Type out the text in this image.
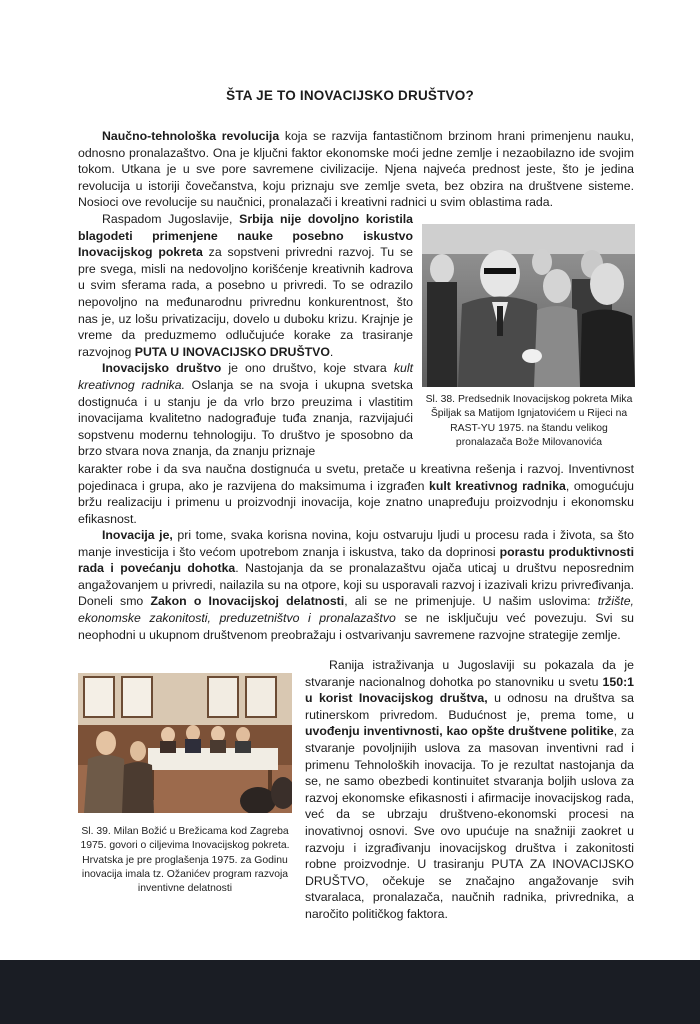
ŠTA JE TO INOVACIJSKO DRUŠTVO?

Naučno-tehnološka revolucija koja se razvija fantastičnom brzinom hrani primenjenu nauku, odnosno pronalazaštvo. Ona je ključni faktor ekonomske moći jedne zemlje i nezaobilazno ide svojim tokom. Utkana je u sve pore savremene civilizacije. Njena najveća prednost jeste, što je jedina revolucija u istoriji čovečanstva, koju priznaju sve zemlje sveta, bez obzira na društvene sisteme. Nosioci ove revolucije su naučnici, pronalazači i kreativni radnici u svim oblastima rada.

Raspadom Jugoslavije, Srbija nije dovoljno koristila blagodeti primenjene nauke posebno iskustvo Inovacijskog pokreta za sopstveni privredni razvoj. Tu se pre svega, misli na nedovoljno korišćenje kreativnih kadrova u svim sferama rada, a posebno u privredi. To se odrazilo nepovoljno na međunarodnu privrednu konkurentnost, što nas je, uz lošu privatizaciju, dovelo u duboku krizu. Krajnje je vreme da preduzmemo odlučujuće korake za trasiranje razvojnog PUTA U INOVACIJSKO DRUŠTVO.

Inovacijsko društvo je ono društvo, koje stvara kult kreativnog radnika. Oslanja se na svoja i ukupna svetska dostignuća i u stanju je da vrlo brzo preuzima i vlastitim inovacijama kvalitetno nadograđuje tuđa znanja, razvijajući sopstvenu modernu tehnologiju. To društvo je sposobno da brzo stvara nova znanja, da znanju priznaje

Sl. 38. Predsednik Inovacijskog pokreta Mika Špiljak sa Matijom Ignjatovićem u Rijeci na RAST-YU 1975. na štandu velikog pronalazača Bože Milovanovića

karakter robe i da sva naučna dostignuća u svetu, pretače u kreativna rešenja i razvoj. Inventivnost pojedinaca i grupa, ako je razvijena do maksimuma i izgrađen kult kreativnog radnika, omogućuju bržu realizaciju i primenu u proizvodnji inovacija, koje znatno unapređuju proizvodnju i ekonomsku efikasnost.

Inovacija je, pri tome, svaka korisna novina, koju ostvaruju ljudi u procesu rada i života, sa što manje investicija i što većom upotrebom znanja i iskustva, tako da doprinosi porastu produktivnosti rada i povećanju dohotka. Nastojanja da se pronalazaštvu ojača uticaj u društvu neposrednim angažovanjem u privredi, nailazila su na otpore, koji su usporavali razvoj i izazivali krizu privređivanja. Doneli smo Zakon o Inovacijskoj delatnosti, ali se ne primenjuje. U našim uslovima: tržište, ekonomske zakonitosti, preduzetništvo i pronalazaštvo se ne isključuju već povezuju. Svi su neophodni u ukupnom društvenom preobražaju i ostvarivanju savremene razvojne strategije zemlje.

Sl. 39. Milan Božić u Brežicama kod Zagreba 1975. govori o ciljevima Inovacijskog pokreta. Hrvatska je pre proglašenja 1975. za Godinu inovacija imala tz. Ožanićev program razvoja inventivne delatnosti

Ranija istraživanja u Jugoslaviji su pokazala da je stvaranje nacionalnog dohotka po stanovniku u svetu 150:1 u korist Inovacijskog društva, u odnosu na društva sa rutinerskom privredom. Budućnost je, prema tome, u uvođenju inventivnosti, kao opšte društvene politike, za stvaranje povoljnijih uslova za masovan inventivni rad i primenu Tehnoloških inovacija. To je rezultat nastojanja da se, ne samo obezbedi kontinuitet stvaranja boljih uslova za razvoj ekonomske efikasnosti i afirmacije inovacijskog rada, već da se ubrzaju društveno-ekonomski procesi na inovativnoj osnovi. Sve ovo upućuje na snažniji zaokret u razvoju i izgrađivanju inovacijskog društva i zakonitosti robne proizvodnje. U trasiranju PUTA ZA INOVACIJSKO DRUŠTVO, očekuje se značajno angažovanje svih stvaralaca, pronalazača, naučnih radnika, privrednika, a naročito političkog faktora.
